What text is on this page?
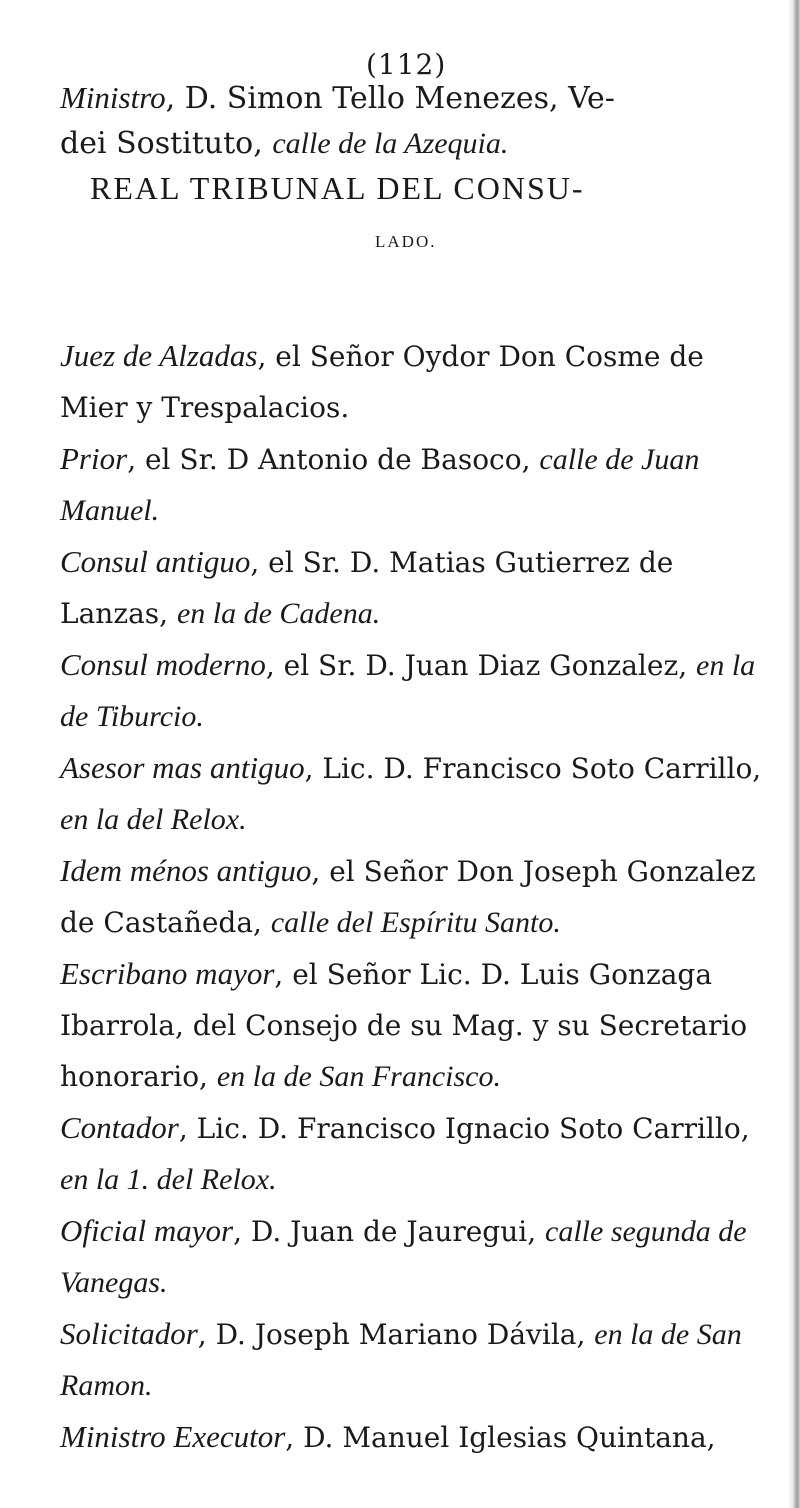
(112)
Ministro, D. Simon Tello Menezes, Ve-
dei Sostituto, calle de la Azequia.
REAL TRIBUNAL DEL CONSU-
LADO.

Juez de Alzadas, el Señor Oydor Don Cosme de Mier y Trespalacios.

Prior, el Sr. D Antonio de Basoco, calle de Juan Manuel.

Consul antiguo, el Sr. D. Matias Gutierrez de Lanzas, en la de Cadena.

Consul moderno, el Sr. D. Juan Diaz Gonzalez, en la de Tiburcio.

Asesor mas antiguo, Lic. D. Francisco Soto Carrillo, en la del Relox.

Idem ménos antiguo, el Señor Don Joseph Gonzalez de Castañeda, calle del Espíritu Santo.

Escribano mayor, el Señor Lic. D. Luis Gonzaga Ibarrola, del Consejo de su Mag. y su Secretario honorario, en la de San Francisco.

Contador, Lic. D. Francisco Ignacio Soto Carrillo, en la 1. del Relox.

Oficial mayor, D. Juan de Jauregui, calle segunda de Vanegas.

Solicitador, D. Joseph Mariano Dávila, en la de San Ramon.

Ministro Executor, D. Manuel Iglesias Quintana,
